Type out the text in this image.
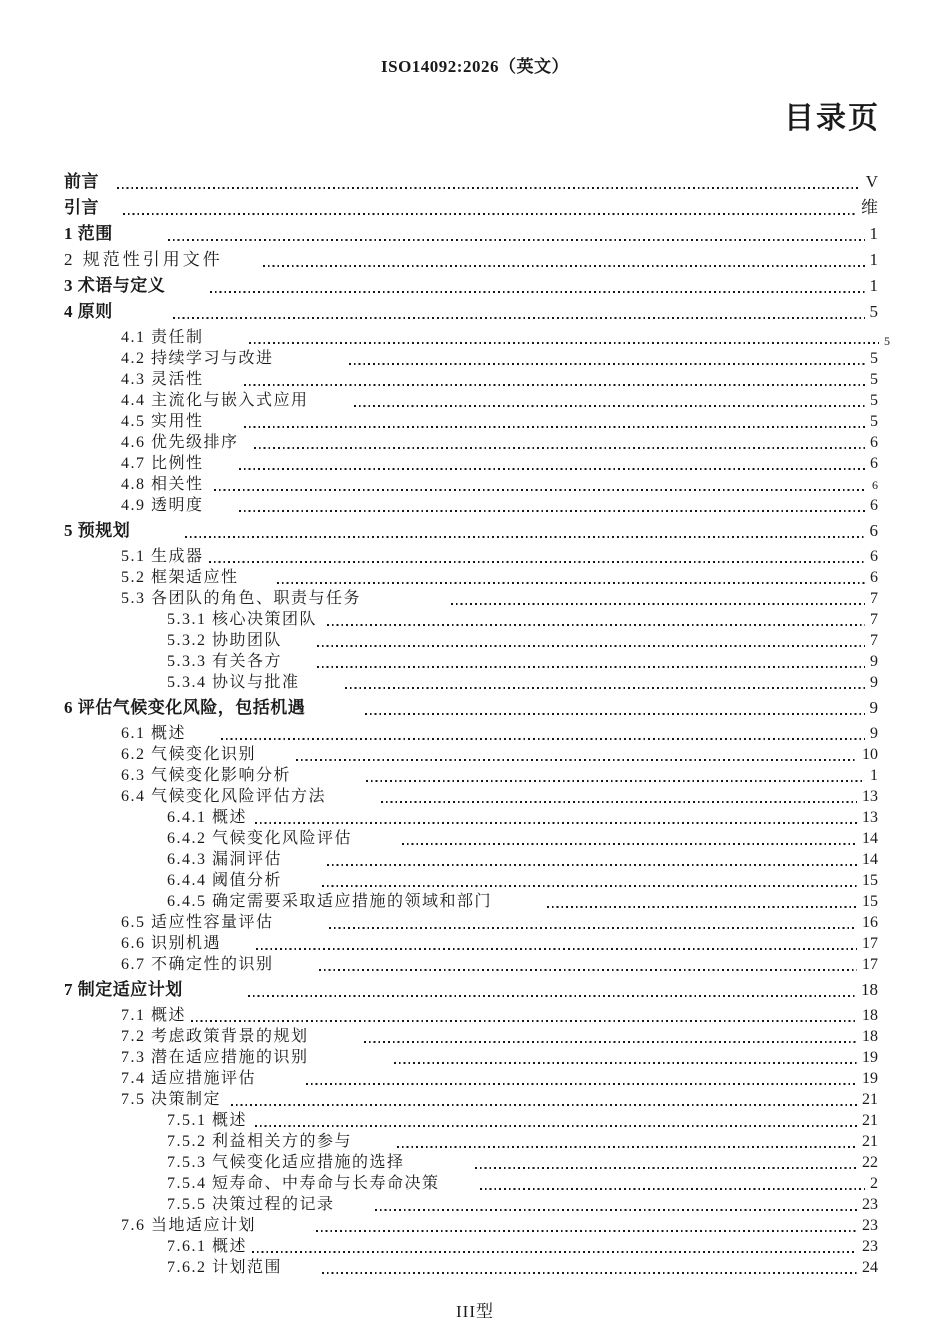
ISO14092:2026（英文）
目录页
前言	V
引言	维
1 范围	1
2 规范性引用文件	1
3 术语与定义	1
4 原则	5
4.1 责任制	5
4.2 持续学习与改进	5
4.3 灵活性	5
4.4 主流化与嵌入式应用	5
4.5 实用性	5
4.6 优先级排序	6
4.7 比例性	6
4.8 相关性	6
4.9 透明度	6
5 预规划	6
5.1 生成器	6
5.2 框架适应性	6
5.3 各团队的角色、职责与任务	7
5.3.1 核心决策团队	7
5.3.2 协助团队	7
5.3.3 有关各方	9
5.3.4 协议与批准	9
6 评估气候变化风险，包括机遇	9
6.1 概述	9
6.2 气候变化识别	10
6.3 气候变化影响分析	1
6.4 气候变化风险评估方法	13
6.4.1 概述	13
6.4.2 气候变化风险评估	14
6.4.3 漏洞评估	14
6.4.4 阈值分析	15
6.4.5 确定需要采取适应措施的领域和部门	15
6.5 适应性容量评估	16
6.6 识别机遇	17
6.7 不确定性的识别	17
7 制定适应计划	18
7.1 概述	18
7.2 考虑政策背景的规划	18
7.3 潜在适应措施的识别	19
7.4 适应措施评估	19
7.5 决策制定	21
7.5.1 概述	21
7.5.2 利益相关方的参与	21
7.5.3 气候变化适应措施的选择	22
7.5.4 短寿命、中寿命与长寿命决策	2
7.5.5 决策过程的记录	23
7.6 当地适应计划	23
7.6.1 概述	23
7.6.2 计划范围	24
III型
